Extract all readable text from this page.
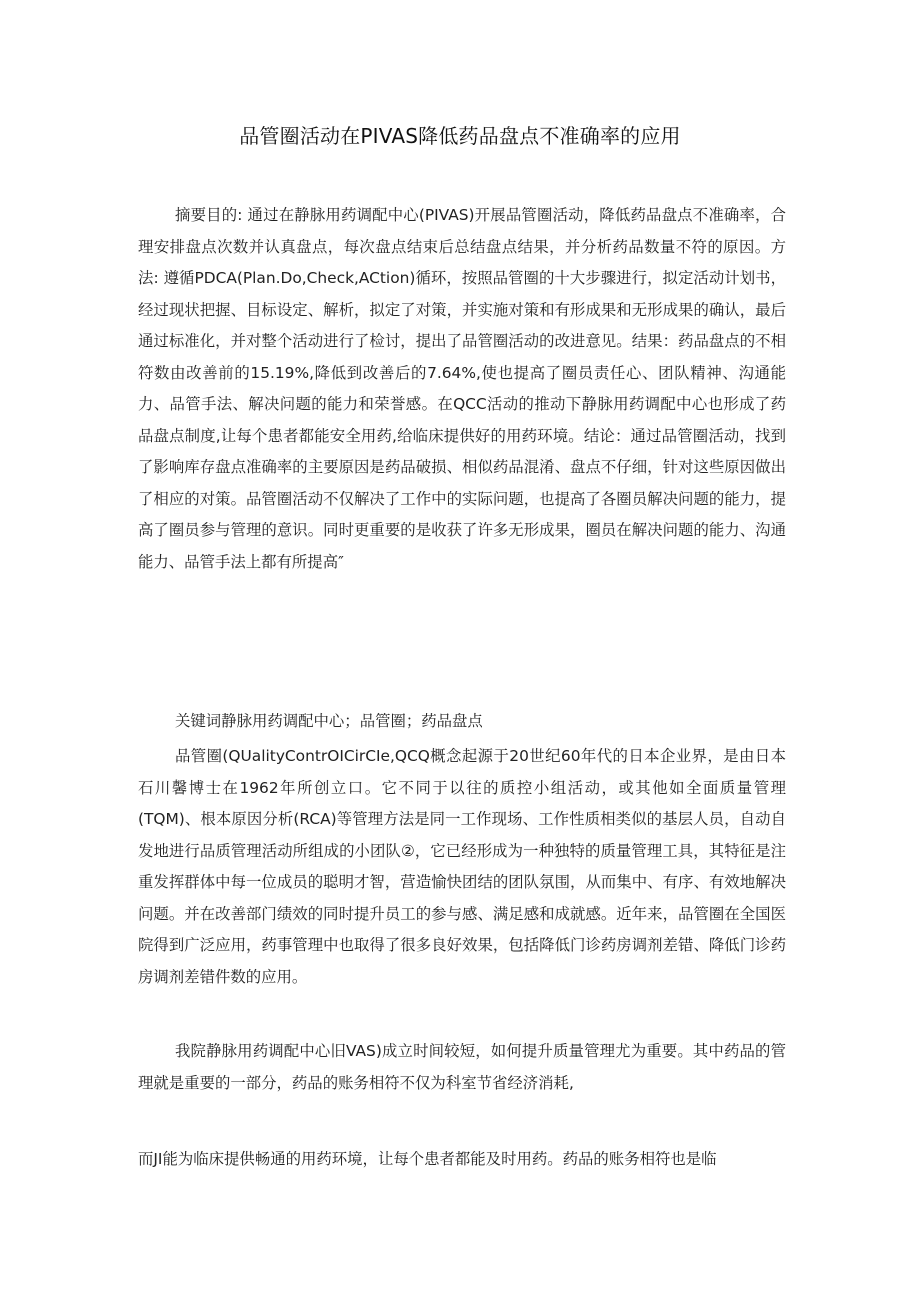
品管圈活动在PIVAS降低药品盘点不准确率的应用

摘要目的: 通过在静脉用药调配中心(PIVAS)开展品管圈活动，降低药品盘点不准确率，合理安排盘点次数并认真盘点，每次盘点结束后总结盘点结果，并分析药品数量不符的原因。方法: 遵循PDCA(Plan.Do,Check,ACtion)循环，按照品管圈的十大步骤进行，拟定活动计划书，经过现状把握、目标设定、解析，拟定了对策，并实施对策和有形成果和无形成果的确认，最后通过标准化，并对整个活动进行了检讨，提出了品管圈活动的改进意见。结果：药品盘点的不相符数由改善前的15.19%,降低到改善后的7.64%,使也提高了圈员责任心、团队精神、沟通能力、品管手法、解决问题的能力和荣誉感。在QCC活动的推动下静脉用药调配中心也形成了药品盘点制度,让每个患者都能安全用药,给临床提供好的用药环境。结论：通过品管圈活动，找到了影响库存盘点准确率的主要原因是药品破损、相似药品混淆、盘点不仔细，针对这些原因做出了相应的对策。品管圈活动不仅解决了工作中的实际问题，也提高了各圈员解决问题的能力，提高了圈员参与管理的意识。同时更重要的是收获了许多无形成果，圈员在解决问题的能力、沟通能力、品管手法上都有所提高″

关键词静脉用药调配中心；品管圈；药品盘点

品管圈(QUalityContrOICirCIe,QCQ概念起源于20世纪60年代的日本企业界，是由日本石川馨博士在1962年所创立口。它不同于以往的质控小组活动，或其他如全面质量管理(TQM)、根本原因分析(RCA)等管理方法是同一工作现场、工作性质相类似的基层人员，自动自发地进行品质管理活动所组成的小团队②，它已经形成为一种独特的质量管理工具，其特征是注重发挥群体中每一位成员的聪明才智，营造愉快团结的团队氛围，从而集中、有序、有效地解决问题。并在改善部门绩效的同时提升员工的参与感、满足感和成就感。近年来，品管圈在全国医院得到广泛应用，药事管理中也取得了很多良好效果，包括降低门诊药房调剂差错、降低门诊药房调剂差错件数的应用。

我院静脉用药调配中心旧VAS)成立时间较短，如何提升质量管理尤为重要。其中药品的管理就是重要的一部分，药品的账务相符不仅为科室节省经济消耗,

而JI能为临床提供畅通的用药环境，让每个患者都能及时用药。药品的账务相符也是临
